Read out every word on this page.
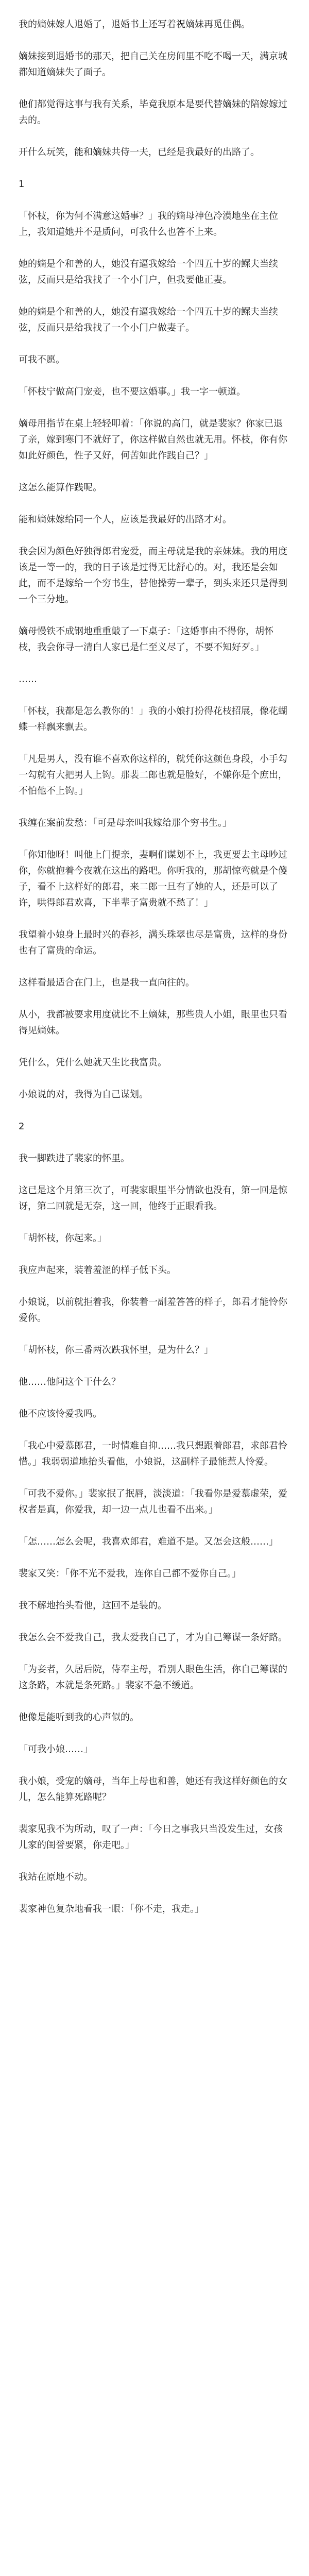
我的嫡妹嫁人退婚了，退婚书上还写着祝嫡妹再觅佳偶。

嫡妹接到退婚书的那天，把自己关在房间里不吃不喝一天，满京城都知道嫡妹失了面子。

他们都觉得这事与我有关系，毕竟我原本是要代替嫡妹的陪嫁嫁过去的。

开什么玩笑，能和嫡妹共侍一夫，已经是我最好的出路了。

1

「怀枝，你为何不满意这婚事？」我的嫡母神色冷漠地坐在主位上，我知道她并不是质问，可我什么也答不上来。

她的嫡是个和善的人，她没有逼我嫁给一个四五十岁的鳏夫当续弦，反而只是给我找了一个小门户，但我要他正妻。

她的嫡是个和善的人，她没有逼我嫁给一个四五十岁的鳏夫当续弦，反而只是给我找了一个小门户做妻子。

可我不愿。

「怀枝宁做高门宠妾，也不要这婚事。」我一字一顿道。

嫡母用指节在桌上轻轻叩着：「你说的高门，就是裴家？你家已退了亲，嫁到寒门不就好了，你这样做自然也就无用。怀枝，你有你如此好颜色，性子又好，何苦如此作践自己？」

这怎么能算作践呢。

能和嫡妹嫁给同一个人，应该是我最好的出路才对。

我会因为颜色好独得郎君宠爱，而主母就是我的亲妹妹。我的用度该是一等一的，我的日子该是过得无比舒心的。对，我还是会如此，而不是嫁给一个穷书生，替他操劳一辈子，到头来还只是得到一个三分地。

嫡母慢铁不成钢地重重敲了一下桌子：「这婚事由不得你，胡怀枝，我会你寻一清白人家已是仁至义尽了，不要不知好歹。」

……

「怀枝，我都是怎么教你的！」我的小娘打扮得花枝招展，像花蝴蝶一样飘来飘去。

「凡是男人，没有谁不喜欢你这样的，就凭你这颜色身段，小手勾一勾就有大把男人上钩。那裴二郎也就是脸好，不嫌你是个庶出，不怕他不上钩。」

我缠在案前发愁：「可是母亲叫我嫁给那个穷书生。」

「你知他呀！叫他上门提亲，妻啊们谋划不上，我更要去主母吵过你，你就抱着今夜就在这出的路吧。你听我的，那胡惊鸾就是个傻子，看不上这样好的郎君，来二郎一旦有了她的人，还是可以了许，哄得郎君欢喜，下半辈子富贵就不愁了！」

我望着小娘身上最时兴的春衫，满头珠翠也尽是富贵，这样的身份也有了富贵的命运。

这样看最适合在门上，也是我一直向往的。

从小，我都被要求用度就比不上嫡妹，那些贵人小姐，眼里也只看得见嫡妹。

凭什么，凭什么她就天生比我富贵。

小娘说的对，我得为自己谋划。

2

我一脚跌进了裴家的怀里。

这已是这个月第三次了，可裴家眼里半分情欲也没有，第一回是惊讶，第二回就是无奈，这一回，他终于正眼看我。

「胡怀枝，你起来。」

我应声起来，装着羞涩的样子低下头。

小娘说，以前就拒着我，你装着一副羞答答的样子，郎君才能怜你爱你。

「胡怀枝，你三番两次跌我怀里，是为什么？」

他……他问这个干什么？

他不应该怜爱我吗。

「我心中爱慕郎君，一时情难自抑……我只想跟着郎君，求郎君怜惜。」我弱弱道地抬头看他，小娘说，这副样子最能惹人怜爱。

「可我不爱你。」裴家抿了抿唇，淡淡道：「我看你是爱慕虚荣，爱权者是真，你爱我，却一边一点儿也看不出来。」

「怎……怎么会呢，我喜欢郎君，难道不是。又怎会这般……」

裴家又笑：「你不光不爱我，连你自己都不爱你自己。」

我不解地抬头看他，这回不是装的。

我怎么会不爱我自己，我太爱我自己了，才为自己筹谋一条好路。

「为妾者，久居后院，侍奉主母，看别人眼色生活，你自己筹谋的这条路，本就是条死路。」裴家不急不缓道。

他像是能听到我的心声似的。

「可我小娘……」

我小娘，受宠的嫡母，当年上母也和善，她还有我这样好颜色的女儿，怎么能算死路呢？

裴家见我不为所动，叹了一声：「今日之事我只当没发生过，女孩儿家的闺誉要紧，你走吧。」

我站在原地不动。

裴家神色复杂地看我一眼：「你不走，我走。」
